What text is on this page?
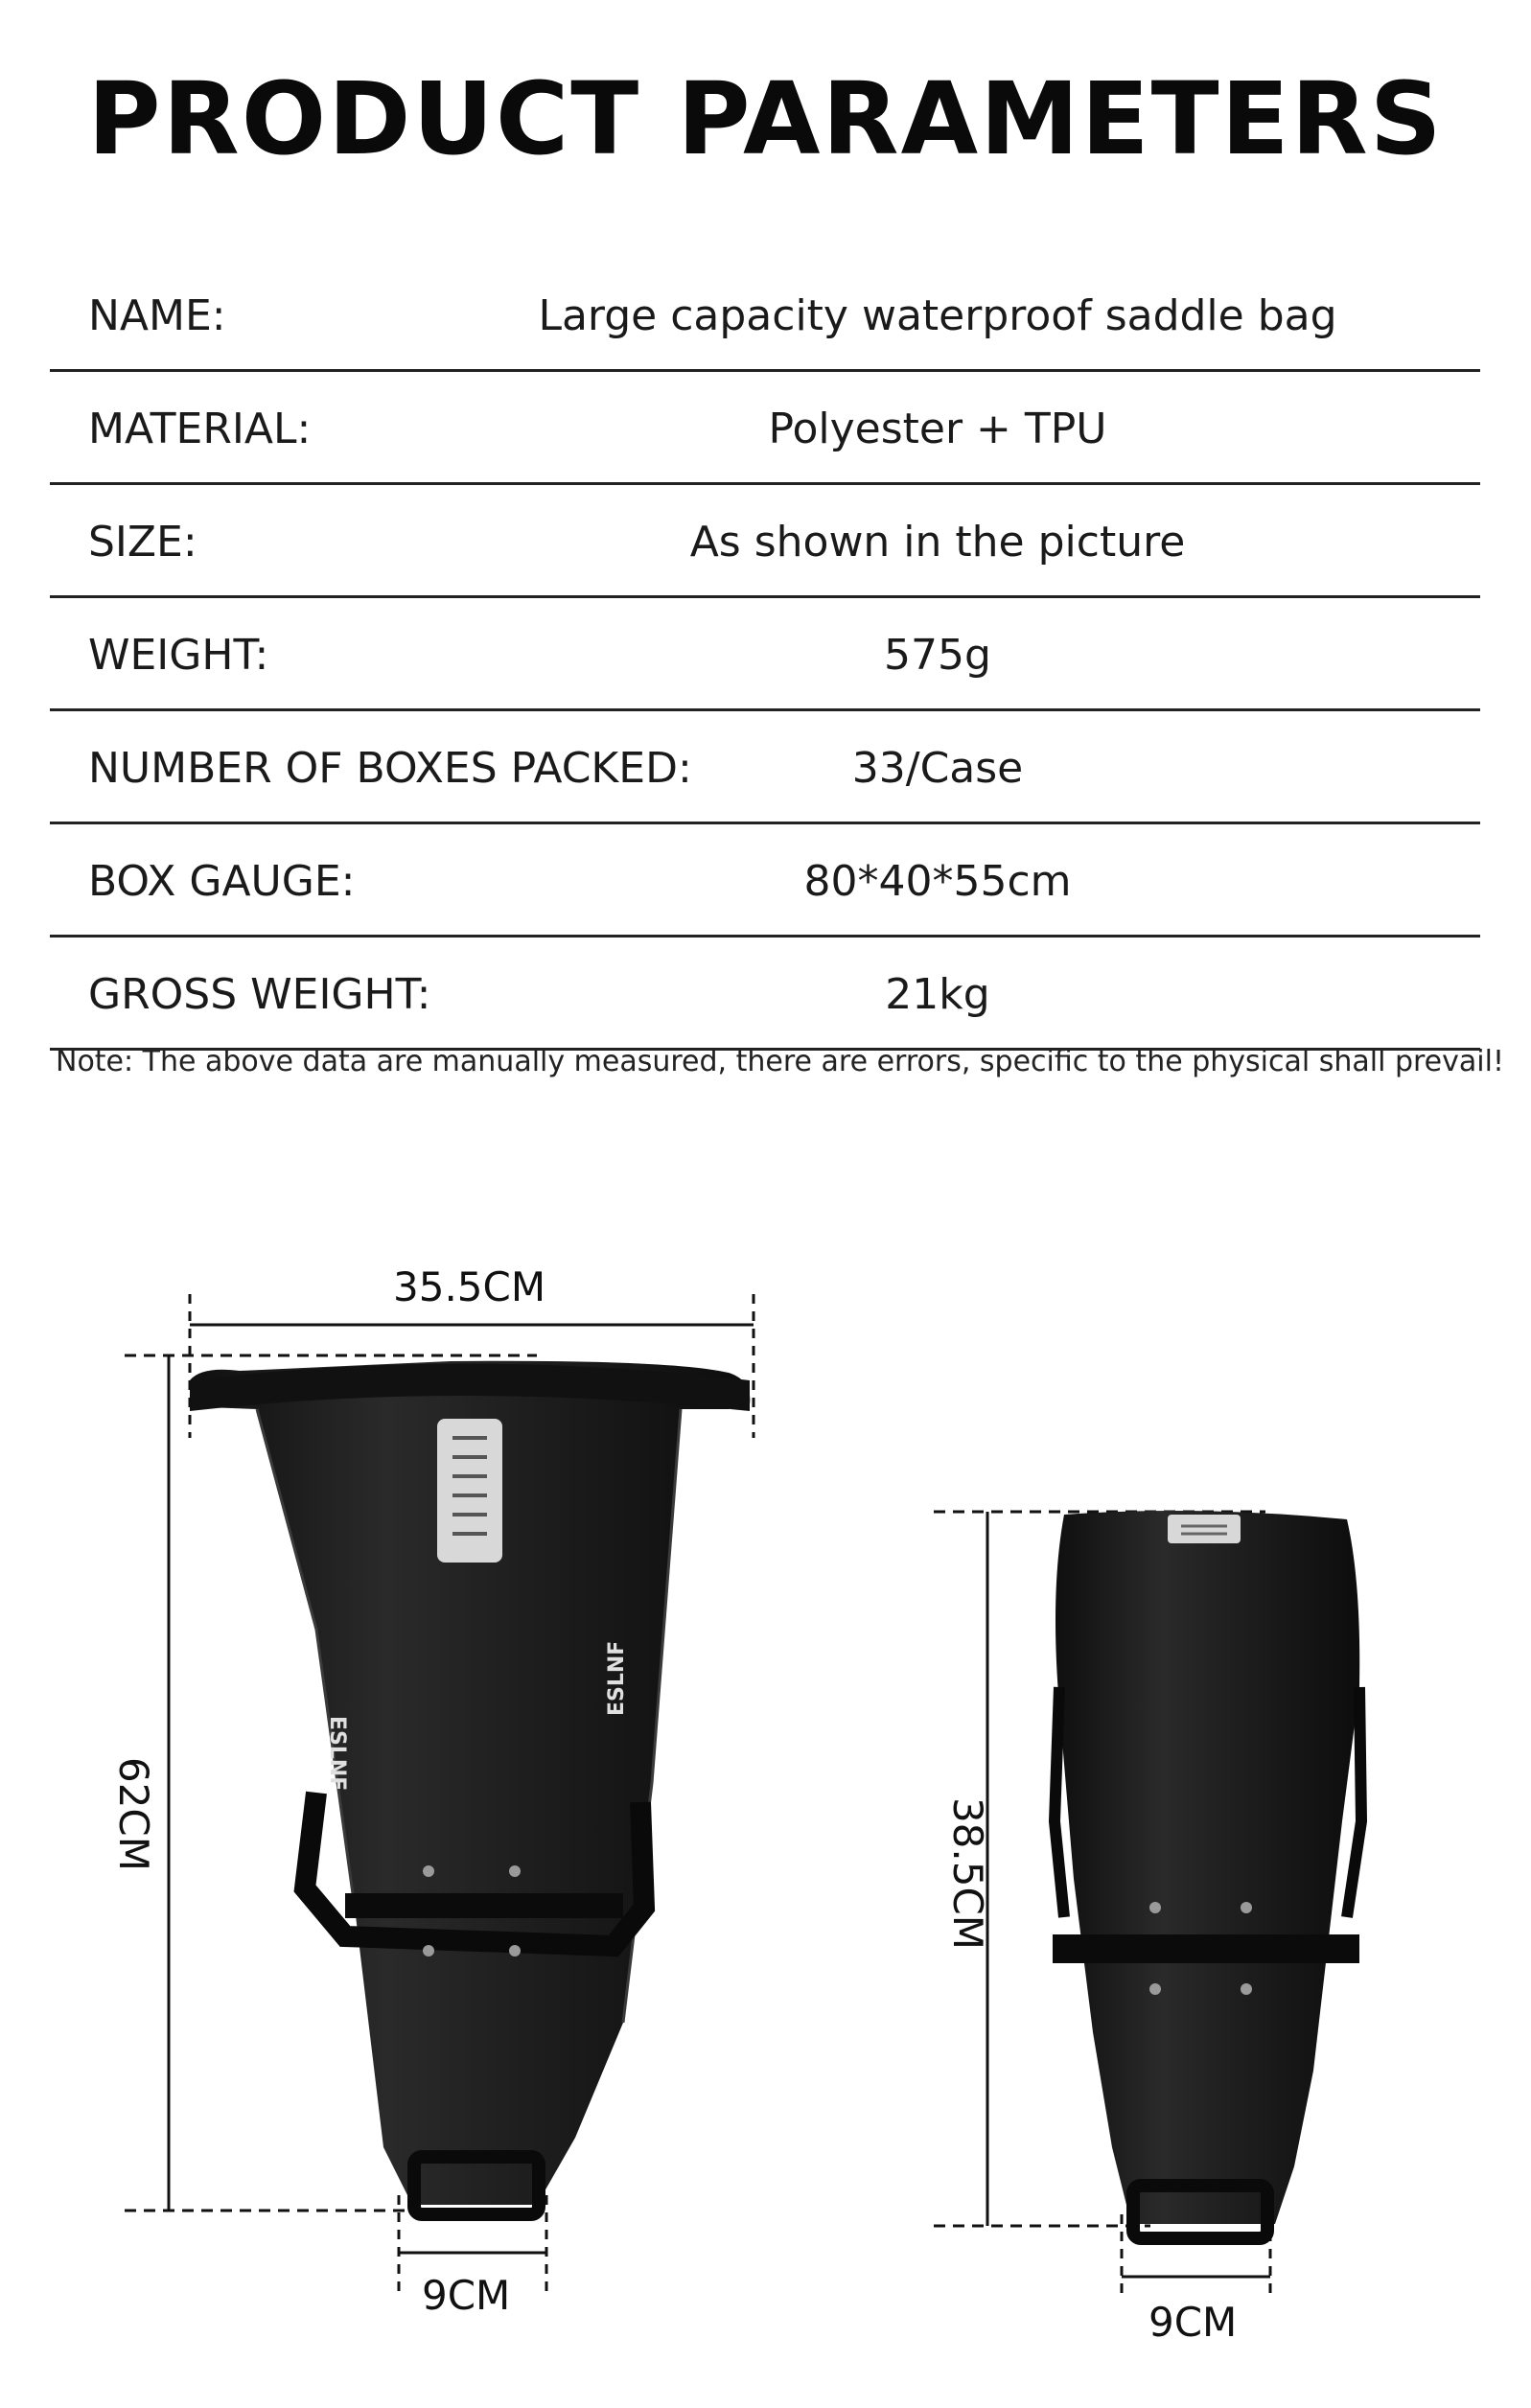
PRODUCT PARAMETERS
NAME:	Large capacity waterproof saddle bag
MATERIAL:	Polyester + TPU
SIZE:	As shown in the picture
WEIGHT:	575g
NUMBER OF BOXES PACKED:	33/Case
BOX GAUGE:	80*40*55cm
GROSS WEIGHT:	21kg
Note: The above data are manually measured, there are errors, specific to the physical shall prevail!
ESLNF
ESLNF
35.5CM
62CM
9CM
38.5CM
9CM
